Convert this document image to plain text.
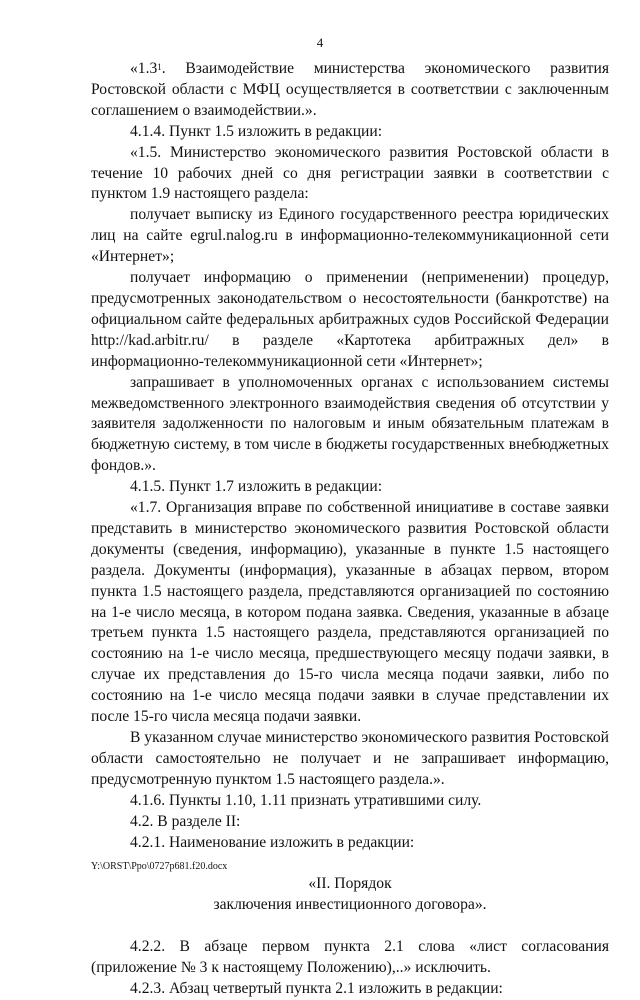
4

«$1.3^1$. Взаимодействие министерства экономического развития Ростовской области с МФЦ осуществляется в соответствии с заключенным соглашением о взаимодействии.».

4.1.4. Пункт 1.5 изложить в редакции:

«1.5. Министерство экономического развития Ростовской области в течение 10 рабочих дней со дня регистрации заявки в соответствии с пунктом 1.9 настоящего раздела:

получает выписку из Единого государственного реестра юридических лиц на сайте egrul.nalog.ru в информационно-телекоммуникационной сети «Интернет»;

получает информацию о применении (неприменении) процедур, предусмотренных законодательством о несостоятельности (банкротстве) на официальном сайте федеральных арбитражных судов Российской Федерации http://kad.arbitr.ru/ в разделе «Картотека арбитражных дел» в информационно-телекоммуникационной сети «Интернет»;

запрашивает в уполномоченных органах с использованием системы межведомственного электронного взаимодействия сведения об отсутствии у заявителя задолженности по налоговым и иным обязательным платежам в бюджетную систему, в том числе в бюджеты государственных внебюджетных фондов.».

4.1.5. Пункт 1.7 изложить в редакции:

«1.7. Организация вправе по собственной инициативе в составе заявки представить в министерство экономического развития Ростовской области документы (сведения, информацию), указанные в пункте 1.5 настоящего раздела. Документы (информация), указанные в абзацах первом, втором пункта 1.5 настоящего раздела, представляются организацией по состоянию на 1-е число месяца, в котором подана заявка. Сведения, указанные в абзаце третьем пункта 1.5 настоящего раздела, представляются организацией по состоянию на 1-е число месяца, предшествующего месяцу подачи заявки, в случае их представления до 15-го числа месяца подачи заявки, либо по состоянию на 1-е число месяца подачи заявки в случае представлении их после 15-го числа месяца подачи заявки.

В указанном случае министерство экономического развития Ростовской области самостоятельно не получает и не запрашивает информацию, предусмотренную пунктом 1.5 настоящего раздела.».

4.1.6. Пункты 1.10, 1.11 признать утратившими силу.

4.2. В разделе II:

4.2.1. Наименование изложить в редакции:

«II. Порядок

заключения инвестиционного договора».

4.2.2. В абзаце первом пункта 2.1 слова «лист согласования (приложение № 3 к настоящему Положению),..» исключить.

4.2.3. Абзац четвертый пункта 2.1 изложить в редакции:

Y:\ORST\Ppo\0727p681.f20.docx
